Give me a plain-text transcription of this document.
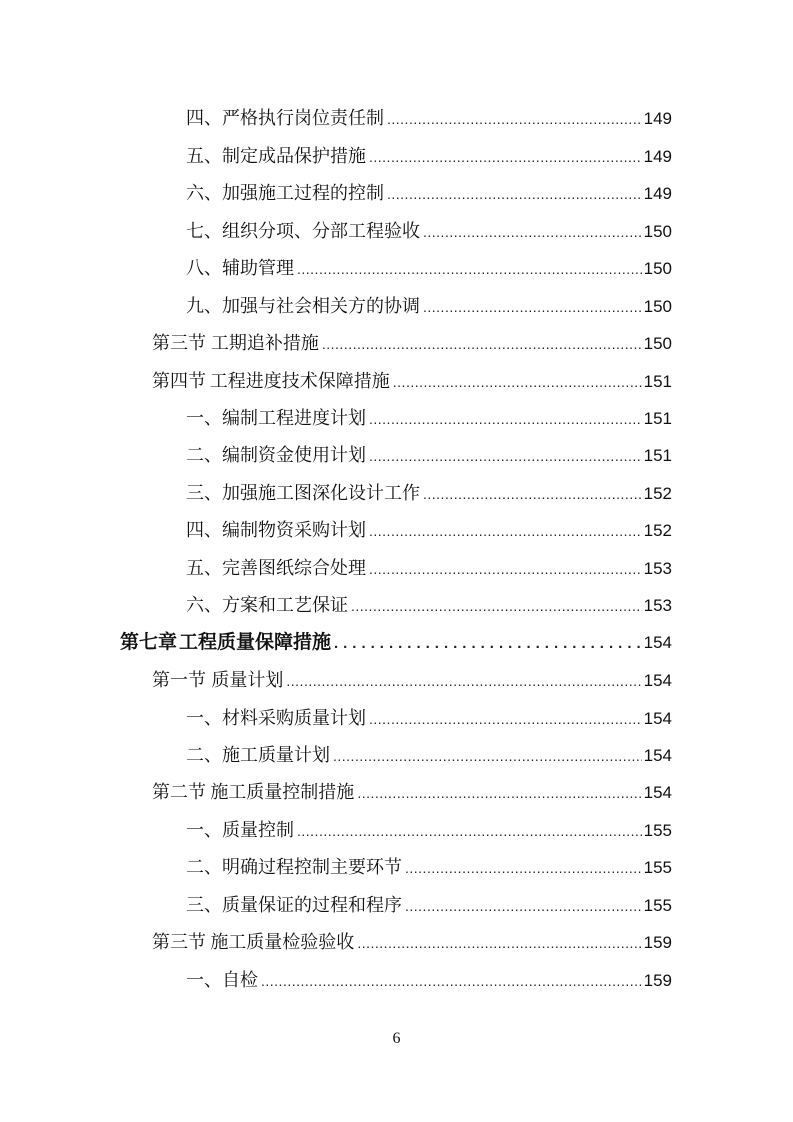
四、 严格执行岗位责任制 .....	149
五、 制定成品保护措施 .....	149
六、 加强施工过程的控制 .....	149
七、 组织分项、分部工程验收 .....	150
八、 辅助管理 .....	150
九、 加强与社会相关方的协调 .....	150
第三节 工期追补措施 .....	150
第四节 工程进度技术保障措施 .....	151
一、 编制工程进度计划 .....	151
二、 编制资金使用计划 .....	151
三、 加强施工图深化设计工作 .....	152
四、 编制物资采购计划 .....	152
五、 完善图纸综合处理 .....	153
六、 方案和工艺保证 .....	153
第七章 工程质量保障措施 .....	154
第一节 质量计划 .....	154
一、 材料采购质量计划 .....	154
二、 施工质量计划 .....	154
第二节 施工质量控制措施 .....	154
一、 质量控制 .....	155
二、 明确过程控制主要环节 .....	155
三、 质量保证的过程和程序 .....	155
第三节 施工质量检验验收 .....	159
一、 自检 .....	159
6
